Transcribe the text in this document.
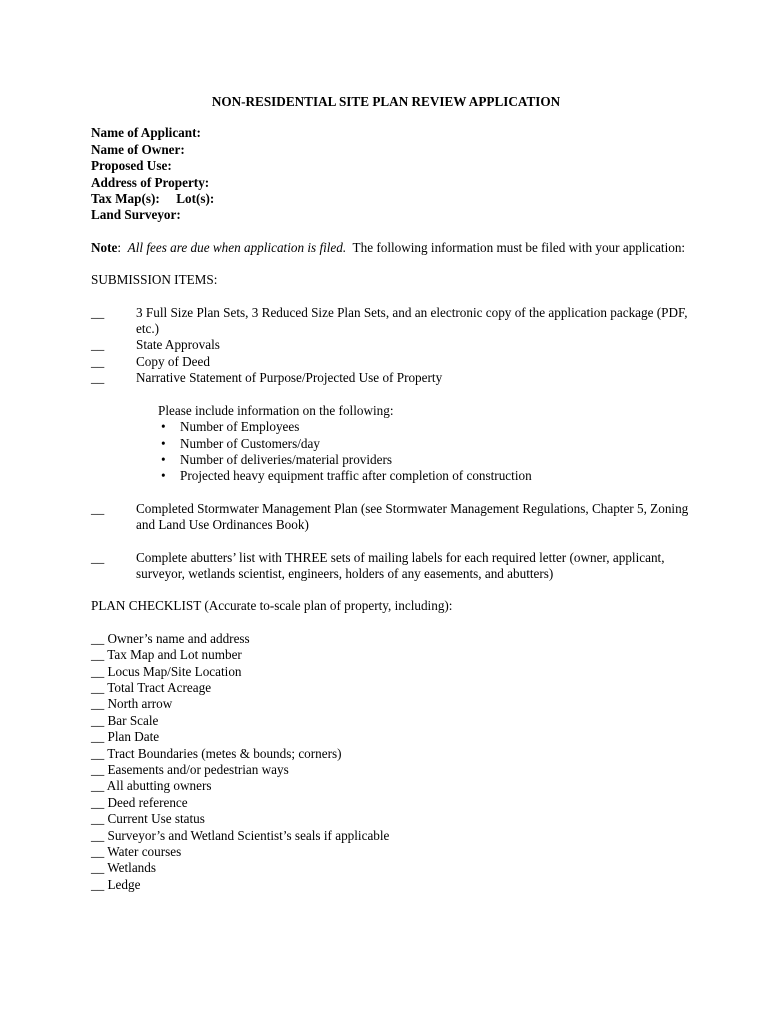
NON-RESIDENTIAL SITE PLAN REVIEW APPLICATION
Name of Applicant:
Name of Owner:
Proposed Use:
Address of Property:
Tax Map(s):     Lot(s):
Land Surveyor:
Note:  All fees are due when application is filed.  The following information must be filed with your application:
SUBMISSION ITEMS:
__	3 Full Size Plan Sets, 3 Reduced Size Plan Sets, and an electronic copy of the application package (PDF, etc.)
__	State Approvals
__	Copy of Deed
__	Narrative Statement of Purpose/Projected Use of Property
Please include information on the following:
•	Number of Employees
•	Number of Customers/day
•	Number of deliveries/material providers
•	Projected heavy equipment traffic after completion of construction
__	Completed Stormwater Management Plan (see Stormwater Management Regulations, Chapter 5, Zoning and Land Use Ordinances Book)
__	Complete abutters’ list with THREE sets of mailing labels for each required letter (owner, applicant, surveyor, wetlands scientist, engineers, holders of any easements, and abutters)
PLAN CHECKLIST (Accurate to-scale plan of property, including):
__ Owner’s name and address
__ Tax Map and Lot number
__ Locus Map/Site Location
__ Total Tract Acreage
__ North arrow
__ Bar Scale
__ Plan Date
__ Tract Boundaries (metes & bounds; corners)
__ Easements and/or pedestrian ways
__ All abutting owners
__ Deed reference
__ Current Use status
__ Surveyor’s and Wetland Scientist’s seals if applicable
__ Water courses
__ Wetlands
__ Ledge
